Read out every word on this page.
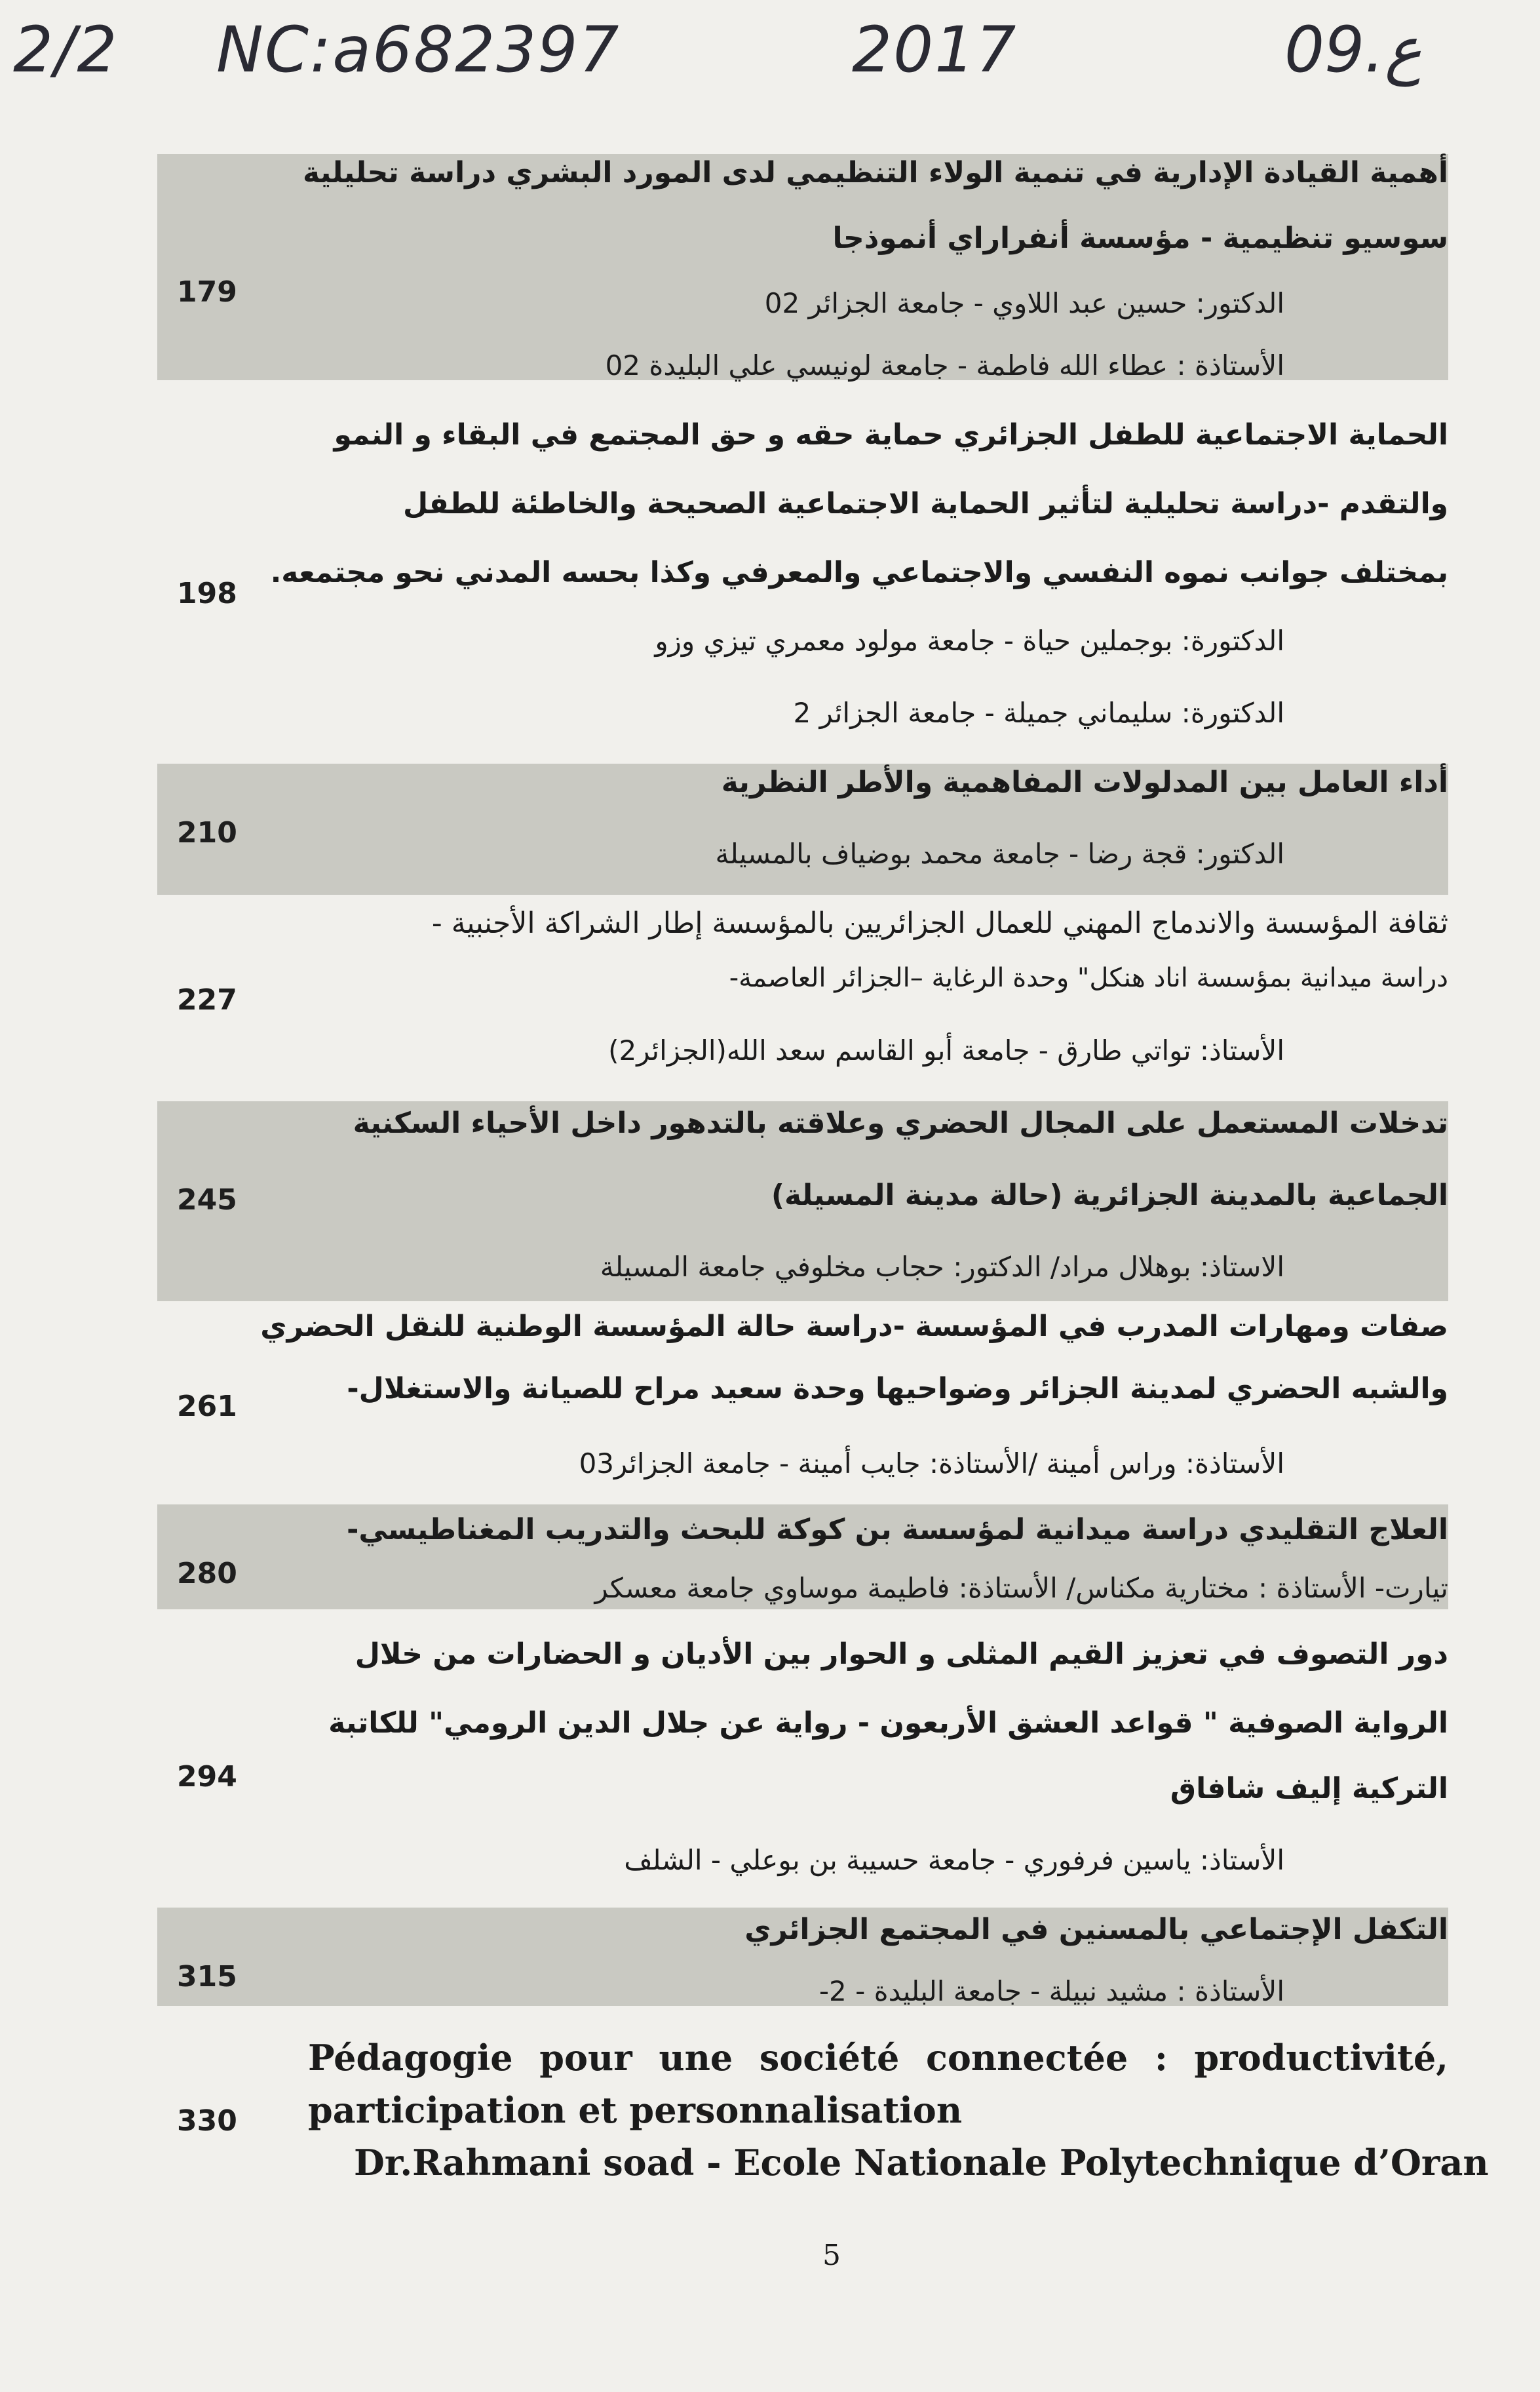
2/2 NC:a682397	2017	09.ع
179
أهمية القيادة الإدارية في تنمية الولاء التنظيمي لدى المورد البشري دراسة تحليلية
سوسيو تنظيمية - مؤسسة أنفراراي أنموذجا
الدكتور: حسين عبد اللاوي - جامعة الجزائر 02
الأستاذة : عطاء الله فاطمة - جامعة لونيسي علي البليدة 02
198
الحماية الاجتماعية للطفل الجزائري حماية حقه و حق المجتمع في البقاء و النمو
والتقدم -دراسة تحليلية لتأثير الحماية الاجتماعية الصحيحة والخاطئة للطفل
بمختلف جوانب نموه النفسي والاجتماعي والمعرفي وكذا بحسه المدني نحو مجتمعه.
الدكتورة: بوجملين حياة - جامعة مولود معمري تيزي وزو
الدكتورة: سليماني جميلة - جامعة الجزائر 2
210
أداء العامل بين المدلولات المفاهمية والأطر النظرية
الدكتور: قجة رضا - جامعة محمد بوضياف بالمسيلة
227
ثقافة المؤسسة والاندماج المهني للعمال الجزائريين بالمؤسسة إطار الشراكة الأجنبية -
دراسة ميدانية بمؤسسة اناد هنكل" وحدة الرغاية –الجزائر العاصمة-
الأستاذ: تواتي طارق - جامعة أبو القاسم سعد الله(الجزائر2)
245
تدخلات المستعمل على المجال الحضري وعلاقته بالتدهور داخل الأحياء السكنية
الجماعية بالمدينة الجزائرية (حالة مدينة المسيلة)
الاستاذ: بوهلال مراد/ الدكتور: حجاب مخلوفي جامعة المسيلة
261
صفات ومهارات المدرب في المؤسسة -دراسة حالة المؤسسة الوطنية للنقل الحضري
والشبه الحضري لمدينة الجزائر وضواحيها وحدة سعيد مراح للصيانة والاستغلال-
الأستاذة: وراس أمينة /الأستاذة: جايب أمينة - جامعة الجزائر03
280
العلاج التقليدي دراسة ميدانية لمؤسسة بن كوكة للبحث والتدريب المغناطيسي-
تيارت- الأستاذة : مختارية مكناس/ الأستاذة: فاطيمة موساوي جامعة معسكر
294
دور التصوف في تعزيز القيم المثلى و الحوار بين الأديان و الحضارات من خلال
الرواية الصوفية " قواعد العشق الأربعون - رواية عن جلال الدين الرومي" للكاتبة
التركية إليف شافاق
الأستاذ: ياسين فرفوري - جامعة حسيبة بن بوعلي - الشلف
315
التكفل الإجتماعي بالمسنين في المجتمع الجزائري
الأستاذة : مشيد نبيلة - جامعة البليدة - 2-
330
Pédagogie pour une société connectée : productivité,
participation et personnalisation
Dr.Rahmani soad - Ecole Nationale Polytechnique d’Oran
5
